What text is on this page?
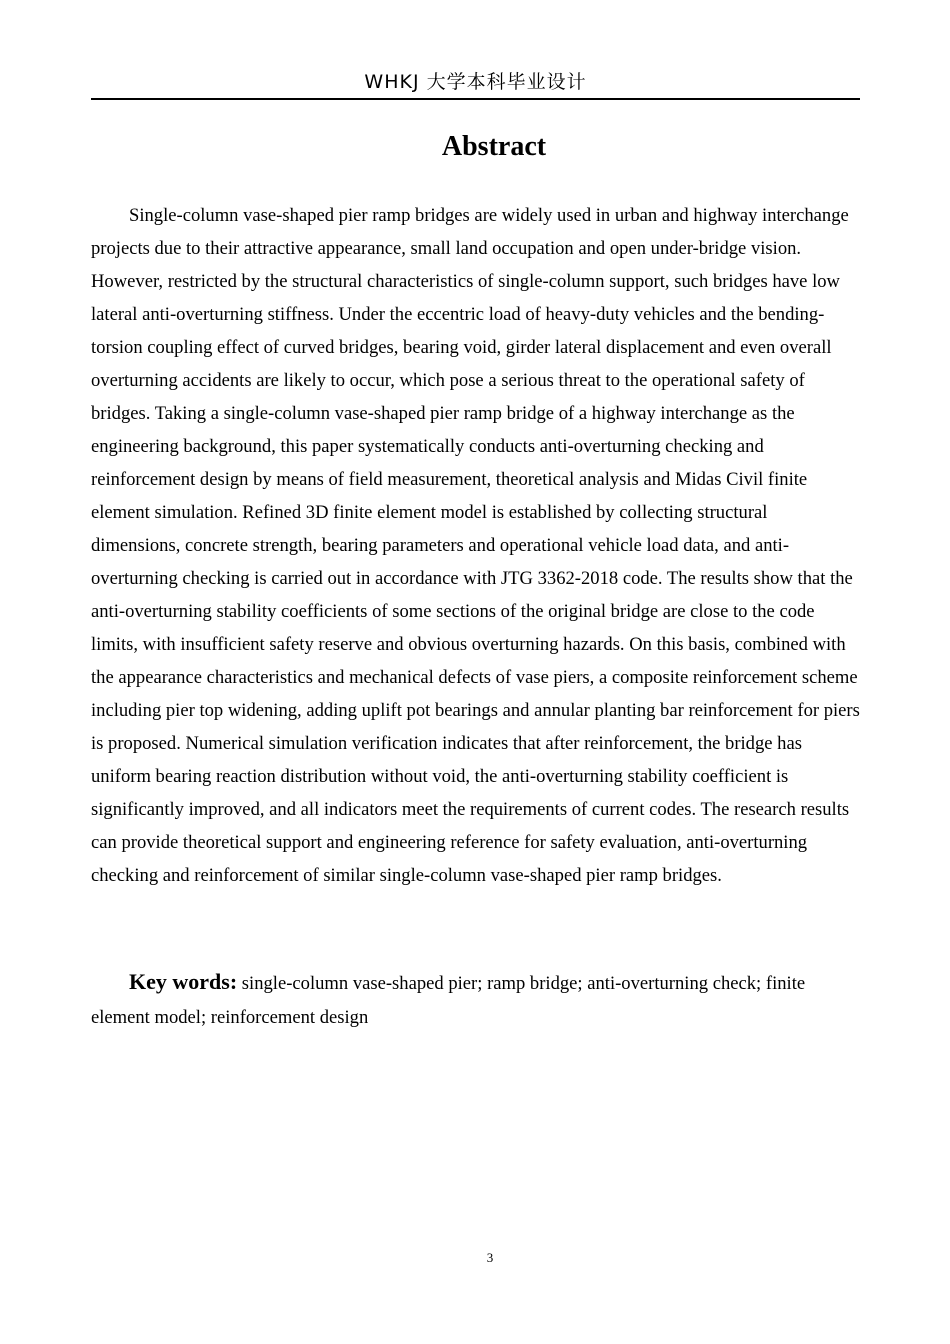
WHKJ 大学本科毕业设计
Abstract

Single-column vase-shaped pier ramp bridges are widely used in urban and highway interchange projects due to their attractive appearance, small land occupation and open under-bridge vision. However, restricted by the structural characteristics of single-column support, such bridges have low lateral anti-overturning stiffness. Under the eccentric load of heavy-duty vehicles and the bending-torsion coupling effect of curved bridges, bearing void, girder lateral displacement and even overall overturning accidents are likely to occur, which pose a serious threat to the operational safety of bridges. Taking a single-column vase-shaped pier ramp bridge of a highway interchange as the engineering background, this paper systematically conducts anti-overturning checking and reinforcement design by means of field measurement, theoretical analysis and Midas Civil finite element simulation. Refined 3D finite element model is established by collecting structural dimensions, concrete strength, bearing parameters and operational vehicle load data, and anti-overturning checking is carried out in accordance with JTG 3362-2018 code. The results show that the anti-overturning stability coefficients of some sections of the original bridge are close to the code limits, with insufficient safety reserve and obvious overturning hazards. On this basis, combined with the appearance characteristics and mechanical defects of vase piers, a composite reinforcement scheme including pier top widening, adding uplift pot bearings and annular planting bar reinforcement for piers is proposed. Numerical simulation verification indicates that after reinforcement, the bridge has uniform bearing reaction distribution without void, the anti-overturning stability coefficient is significantly improved, and all indicators meet the requirements of current codes. The research results can provide theoretical support and engineering reference for safety evaluation, anti-overturning checking and reinforcement of similar single-column vase-shaped pier ramp bridges.

Key words: single-column vase-shaped pier; ramp bridge; anti-overturning check; finite element model; reinforcement design

3
